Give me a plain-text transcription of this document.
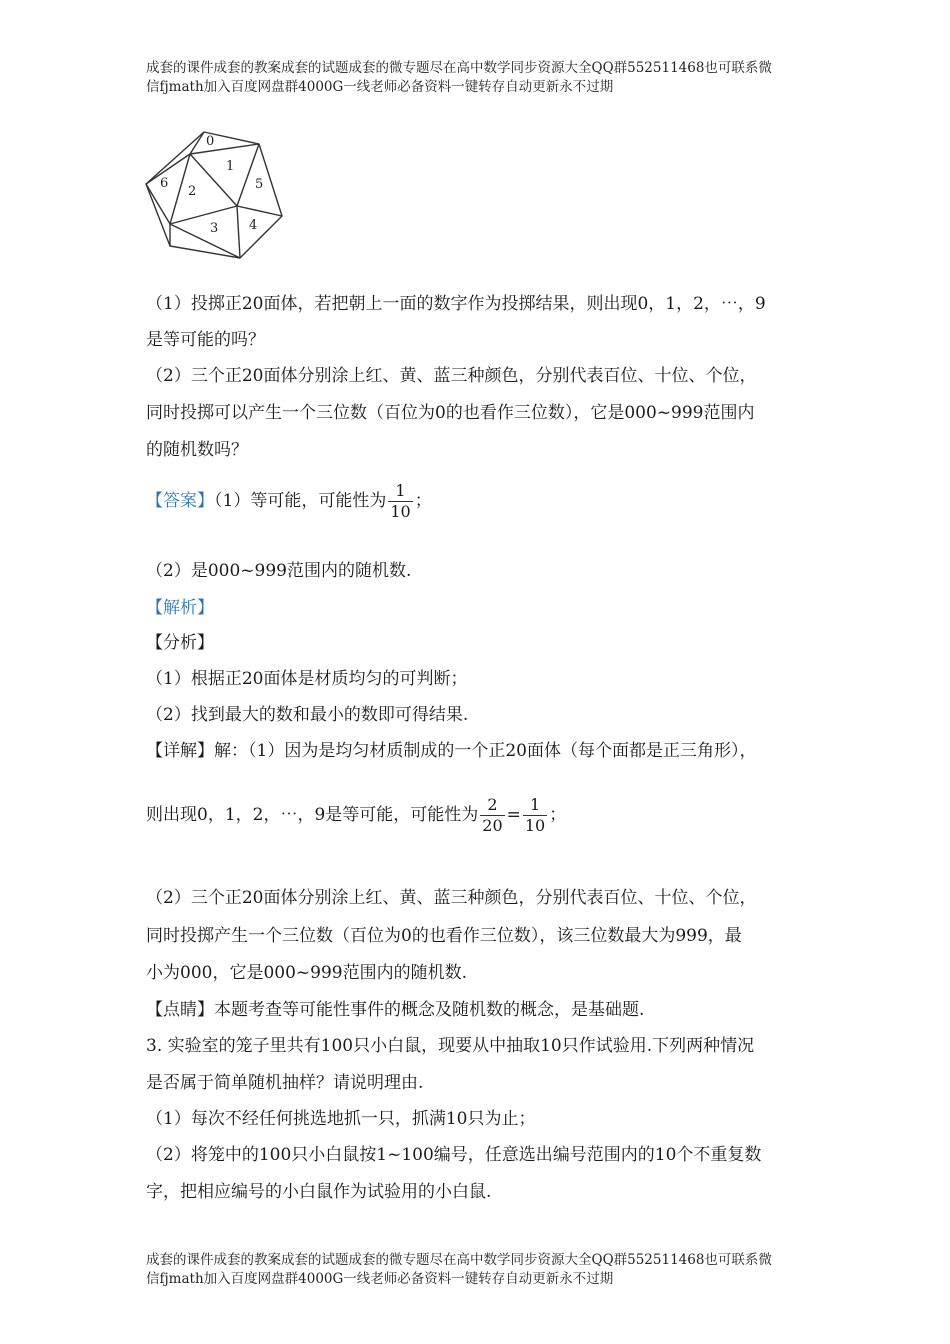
成套的课件成套的教案成套的试题成套的微专题尽在高中数学同步资源大全QQ群552511468也可联系微
信fjmath加入百度网盘群4000G一线老师必备资料一键转存自动更新永不过期
0
1
2
3 4
5
6
（1）投掷正20面体，若把朝上一面的数字作为投掷结果，则出现0，1，2，⋯，9
是等可能的吗？
（2）三个正20面体分别涂上红、黄、蓝三种颜色，分别代表百位、十位、个位，
同时投掷可以产生一个三位数（百位为0的也看作三位数），它是000~999范围内
的随机数吗？
【答案】（1）等可能，可能性为 $\frac{1}{10}$ ；
（2）是000~999范围内的随机数.
【解析】
【分析】
（1）根据正20面体是材质均匀的可判断；
（2）找到最大的数和最小的数即可得结果.
【详解】解：（1）因为是均匀材质制成的一个正20面体（每个面都是正三角形），
则出现0，1，2，⋯，9是等可能，可能性为 $\frac{2}{20} = \frac{1}{10}$ ；
（2）三个正20面体分别涂上红、黄、蓝三种颜色，分别代表百位、十位、个位，
同时投掷产生一个三位数（百位为0的也看作三位数），该三位数最大为999，最
小为000，它是000~999范围内的随机数.
【点睛】本题考查等可能性事件的概念及随机数的概念，是基础题.
3. 实验室的笼子里共有100只小白鼠，现要从中抽取10只作试验用.下列两种情况
是否属于简单随机抽样？请说明理由.
（1）每次不经任何挑选地抓一只，抓满10只为止；
（2）将笼中的100只小白鼠按1~100编号，任意选出编号范围内的10个不重复数
字，把相应编号的小白鼠作为试验用的小白鼠.
成套的课件成套的教案成套的试题成套的微专题尽在高中数学同步资源大全QQ群552511468也可联系微
信fjmath加入百度网盘群4000G一线老师必备资料一键转存自动更新永不过期
